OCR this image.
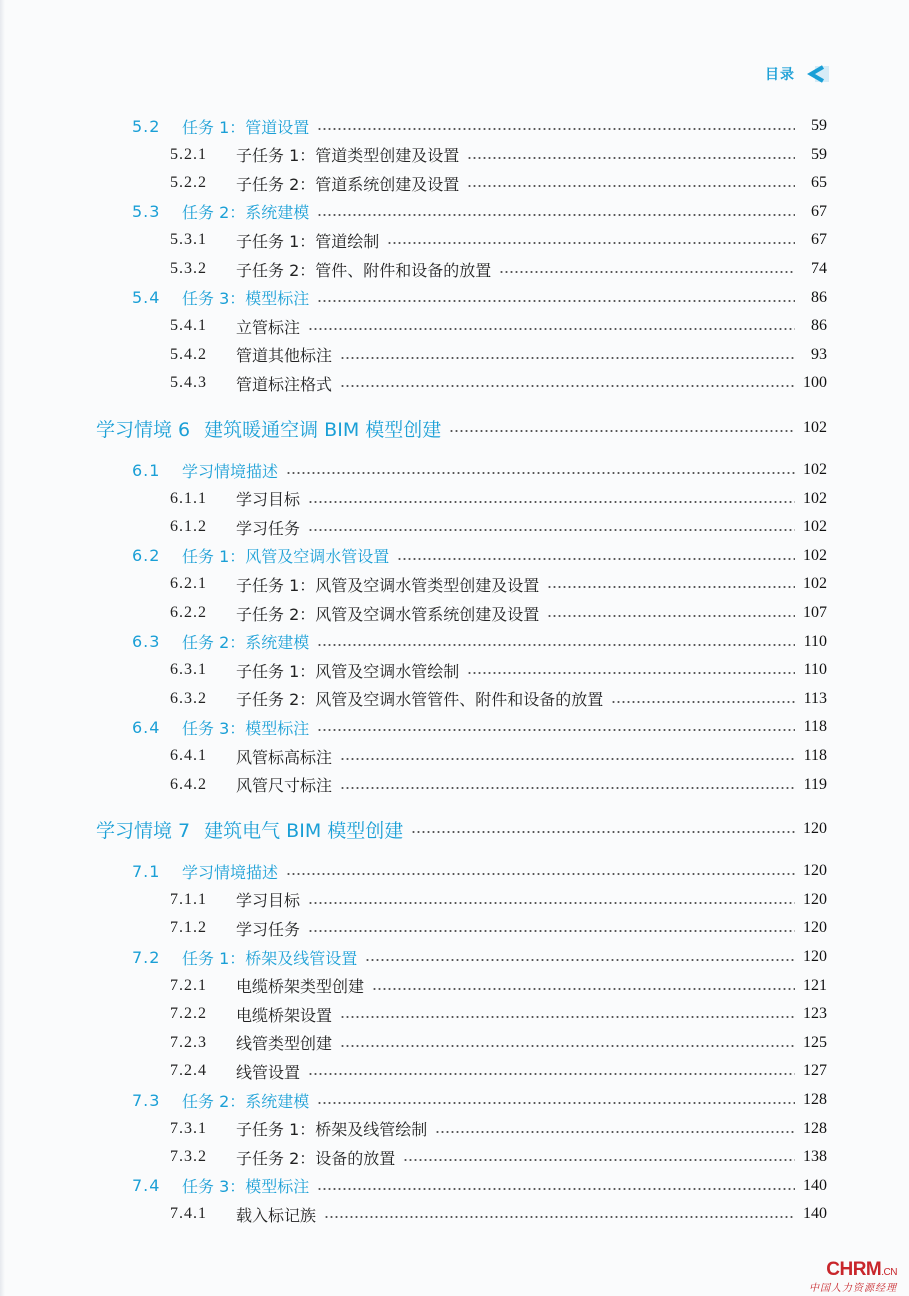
目录
5.2	任务 1：管道设置	59
5.2.1	子任务 1：管道类型创建及设置	59
5.2.2	子任务 2：管道系统创建及设置	65
5.3	任务 2：系统建模	67
5.3.1	子任务 1：管道绘制	67
5.3.2	子任务 2：管件、附件和设备的放置	74
5.4	任务 3：模型标注	86
5.4.1	立管标注	86
5.4.2	管道其他标注	93
5.4.3	管道标注格式	100
学习情境 6 建筑暖通空调 BIM 模型创建	102
6.1	学习情境描述	102
6.1.1	学习目标	102
6.1.2	学习任务	102
6.2	任务 1：风管及空调水管设置	102
6.2.1	子任务 1：风管及空调水管类型创建及设置	102
6.2.2	子任务 2：风管及空调水管系统创建及设置	107
6.3	任务 2：系统建模	110
6.3.1	子任务 1：风管及空调水管绘制	110
6.3.2	子任务 2：风管及空调水管管件、附件和设备的放置	113
6.4	任务 3：模型标注	118
6.4.1	风管标高标注	118
6.4.2	风管尺寸标注	119
学习情境 7 建筑电气 BIM 模型创建	120
7.1	学习情境描述	120
7.1.1	学习目标	120
7.1.2	学习任务	120
7.2	任务 1：桥架及线管设置	120
7.2.1	电缆桥架类型创建	121
7.2.2	电缆桥架设置	123
7.2.3	线管类型创建	125
7.2.4	线管设置	127
7.3	任务 2：系统建模	128
7.3.1	子任务 1：桥架及线管绘制	128
7.3.2	子任务 2：设备的放置	138
7.4	任务 3：模型标注	140
7.4.1	载入标记族	140
CHRM.CN
中国人力资源经理
